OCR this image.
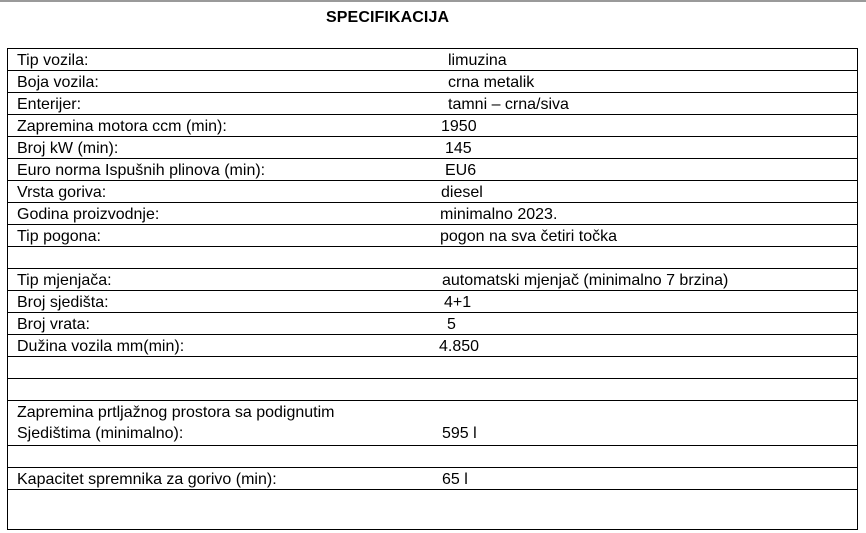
SPECIFIKACIJA
Tip vozila:	limuzina
Boja vozila:	crna metalik
Enterijer:	tamni – crna/siva
Zapremina motora ccm (min):	1950
Broj kW (min):	145
Euro norma Ispušnih plinova (min):	EU6
Vrsta goriva:	diesel
Godina proizvodnje:	minimalno 2023.
Tip pogona:	pogon na sva četiri točka
Tip mjenjača:	automatski mjenjač (minimalno 7 brzina)
Broj sjedišta:	4+1
Broj vrata:	5
Dužina vozila mm(min):	4.850
Zapremina prtljažnog prostora sa podignutim
Sjedištima (minimalno):	595 l
Kapacitet spremnika za gorivo (min):	65 l
